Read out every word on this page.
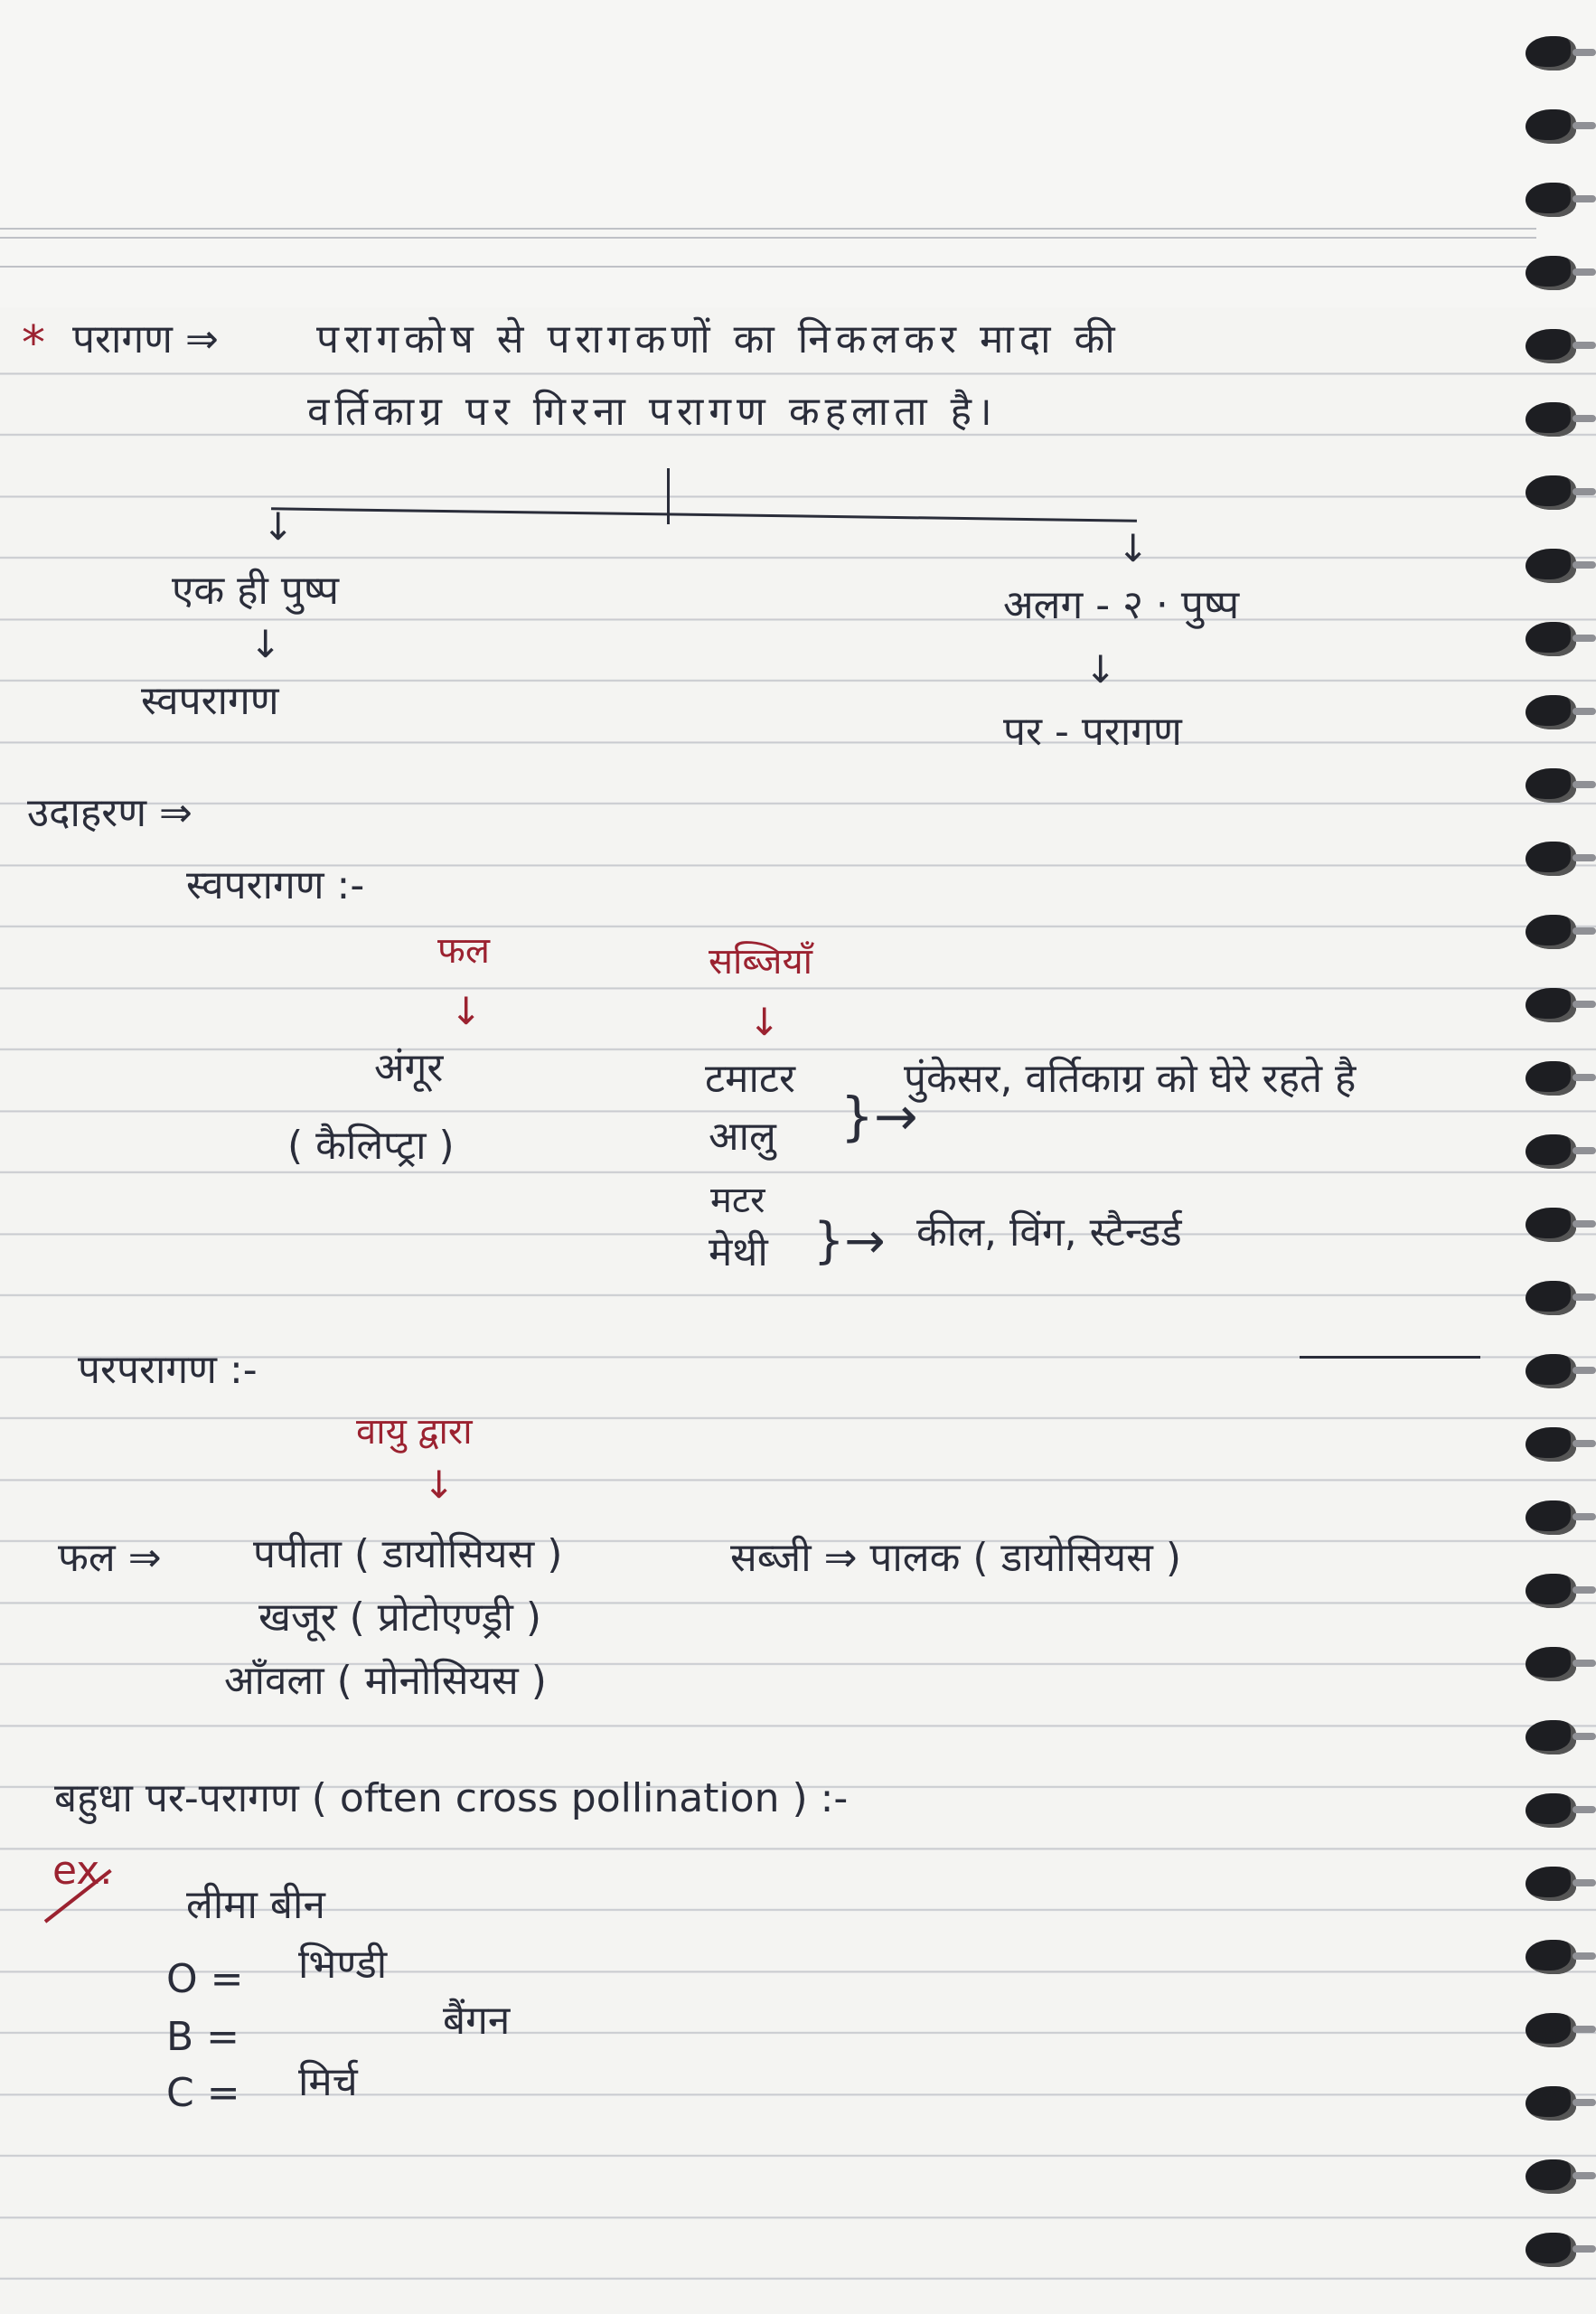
* परागण ⇒ परागकोष से परागकणों का निकलकर मादा की
वर्तिकाग्र पर गिरना परागण कहलाता है।
↓	↓
एक ही पुष्प
↓
स्वपरागण
अलग - २ · पुष्प
↓
पर - परागण
उदाहरण ⇒
स्वपरागण :-
फल	सब्जियाँ
↓	↓
अंगूर
( कैलिप्ट्रा )
टमाटर
आलु }→
पुंकेसर, वर्तिकाग्र को घेरे रहते है
मटर
मेथी }→ कील, विंग, स्टैन्डर्ड
परपरागण :-
वायु द्वारा
↓
फल ⇒ पपीता ( डायोसियस )
खजूर ( प्रोटोएण्ड्री )
आँवला ( मोनोसियस )
सब्जी ⇒ पालक ( डायोसियस )
बहुधा पर-परागण ( often cross pollination ) :-
ex.
लीमा बीन
O = भिण्डी
B =	बैंगन
C = मिर्च
